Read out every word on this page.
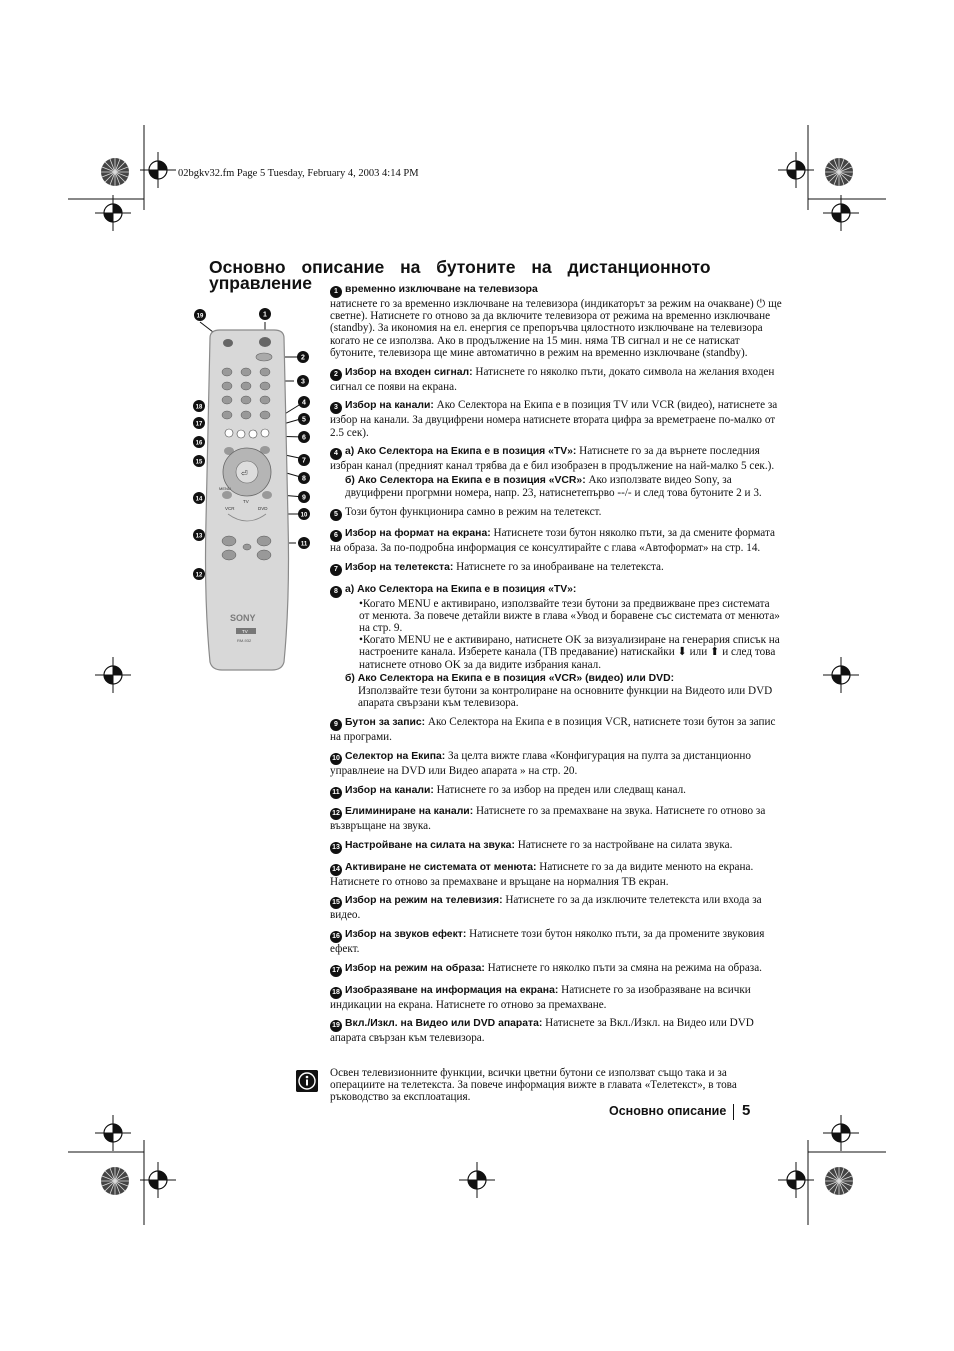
02bgkv32.fm Page 5 Tuesday, February 4, 2003 4:14 PM
Основно описание на бутоните на дистанционното
управление
⏎
MENU
VCR	DVD
TV
SONY
TV
RM-932
19	1
2
3
18
4
17
5
16
6
15	7
8
14	9
10
13
11
12
1 временно изключване на телевизора
натиснете го за временно изключване на телевизора (индикаторът за режим на очакване) ⏻ ще светне). Натиснете го отново за да включите телевизора от режима на временно изключване (standby). За икономия на ел. енергия се препоръчва цялостното изключване на телевизора когато не се използва. Ако в продължение на 15 мин. няма ТВ сигнал и не се натискат бутоните, телевизора ще мине автоматично в режим на временно изключване (standby).
2 Избор на входен сигнал: Натиснете го няколко пъти, докато символа на желания входен сигнал се появи на екрана.
3 Избор на канали: Ако Селектора на Екипа е в позиция TV или VCR (видео), натиснете за избор на канали. За двуцифрени номера натиснете втората цифра за времетраене по-малко от 2.5 сек).
4 а) Ако Селектора на Екипа е в позиция «TV»: Натиснете го за да върнете последния избран канал (предният канал трябва да е бил изобразен в продължение на най-малко 5 сек.).
б) Ако Селектора на Екипа е в позиция «VCR»: Ако използвате видео Sony, за двуцифрени прогрмни номера, напр. 23, натиснетепърво --/- и след това бутоните 2 и 3.
5 Този бутон функционира самно в режим на телетекст.
6 Избор на формат на екрана: Натиснете този бутон няколко пъти, за да смените формата на образа. За по-подробна информация се консултирайте с глава «Автоформат» на стр. 14.
7 Избор на телетекста: Натиснете го за инобраиване на телетекста.
8 а) Ако Селектора на Екипа е в позиция «TV»:
•Когато MENU е активирано, използвайте тези бутони за предвижване през системата от менюта. За повече детайли вижте в глава «Увод и боравене със системата от менюта» на стр. 9.
•Когато MENU не е активирано, натиснете OK за визуализиране на генерария списък на настроените канала. Изберете канала (ТВ предавание) натискайки ⬇ или ⬆ и след това натиснете отново OK за да видите избрания канал.
б) Ако Селектора на Екипа е в позиция «VCR» (видео) или DVD:
Използвайте тези бутони за контролиране на основните функции на Видеото или DVD апарата свързани към телевизора.
9 Бутон за запис: Ако Селектора на Екипа е в позиция VCR, натиснете този бутон за запис на програми.
10 Селектор на Екипа: За целта вижте глава «Конфигурация на пулта за дистанционно управлнеие на DVD или Видео апарата » на стр. 20.
11 Избор на канали: Натиснете го за избор на преден или следващ канал.
12 Елиминиране на канали: Натиснете го за премахване на звука. Натиснете го отново за възвръщане на звука.
13 Настройване на силата на звука: Натиснете го за настройване на силата звука.
14 Активиране не системата от менюта: Натиснете го за да видите менюто на екрана. Натиснете го отново за премахване и връщане на нормалния ТВ екран.
15 Избор на режим на телевизия: Натиснете го за да изключите телетекста или входа за видео.
16 Избор на звуков ефект: Натиснете този бутон няколко пъти, за да промените звуковия ефект.
17 Избор на режим на образа: Натиснете го няколко пъти за смяна на режима на образа.
18 Изобразяване на информация на екрана: Натиснете го за изобразяване на всички индикации на екрана. Натиснете го отново за премахване.
19 Вкл./Изкл. на Видео или DVD апарата: Натиснете за Вкл./Изкл. на Видео или DVD апарата свързан към телевизора.
Освен телевизионните функции, всички цветни бутони се използват също така и за операциите на телетекста. За повече информация вижте в главата «Телетекст», в това ръководство за експлоатация.
Основно описание 5
